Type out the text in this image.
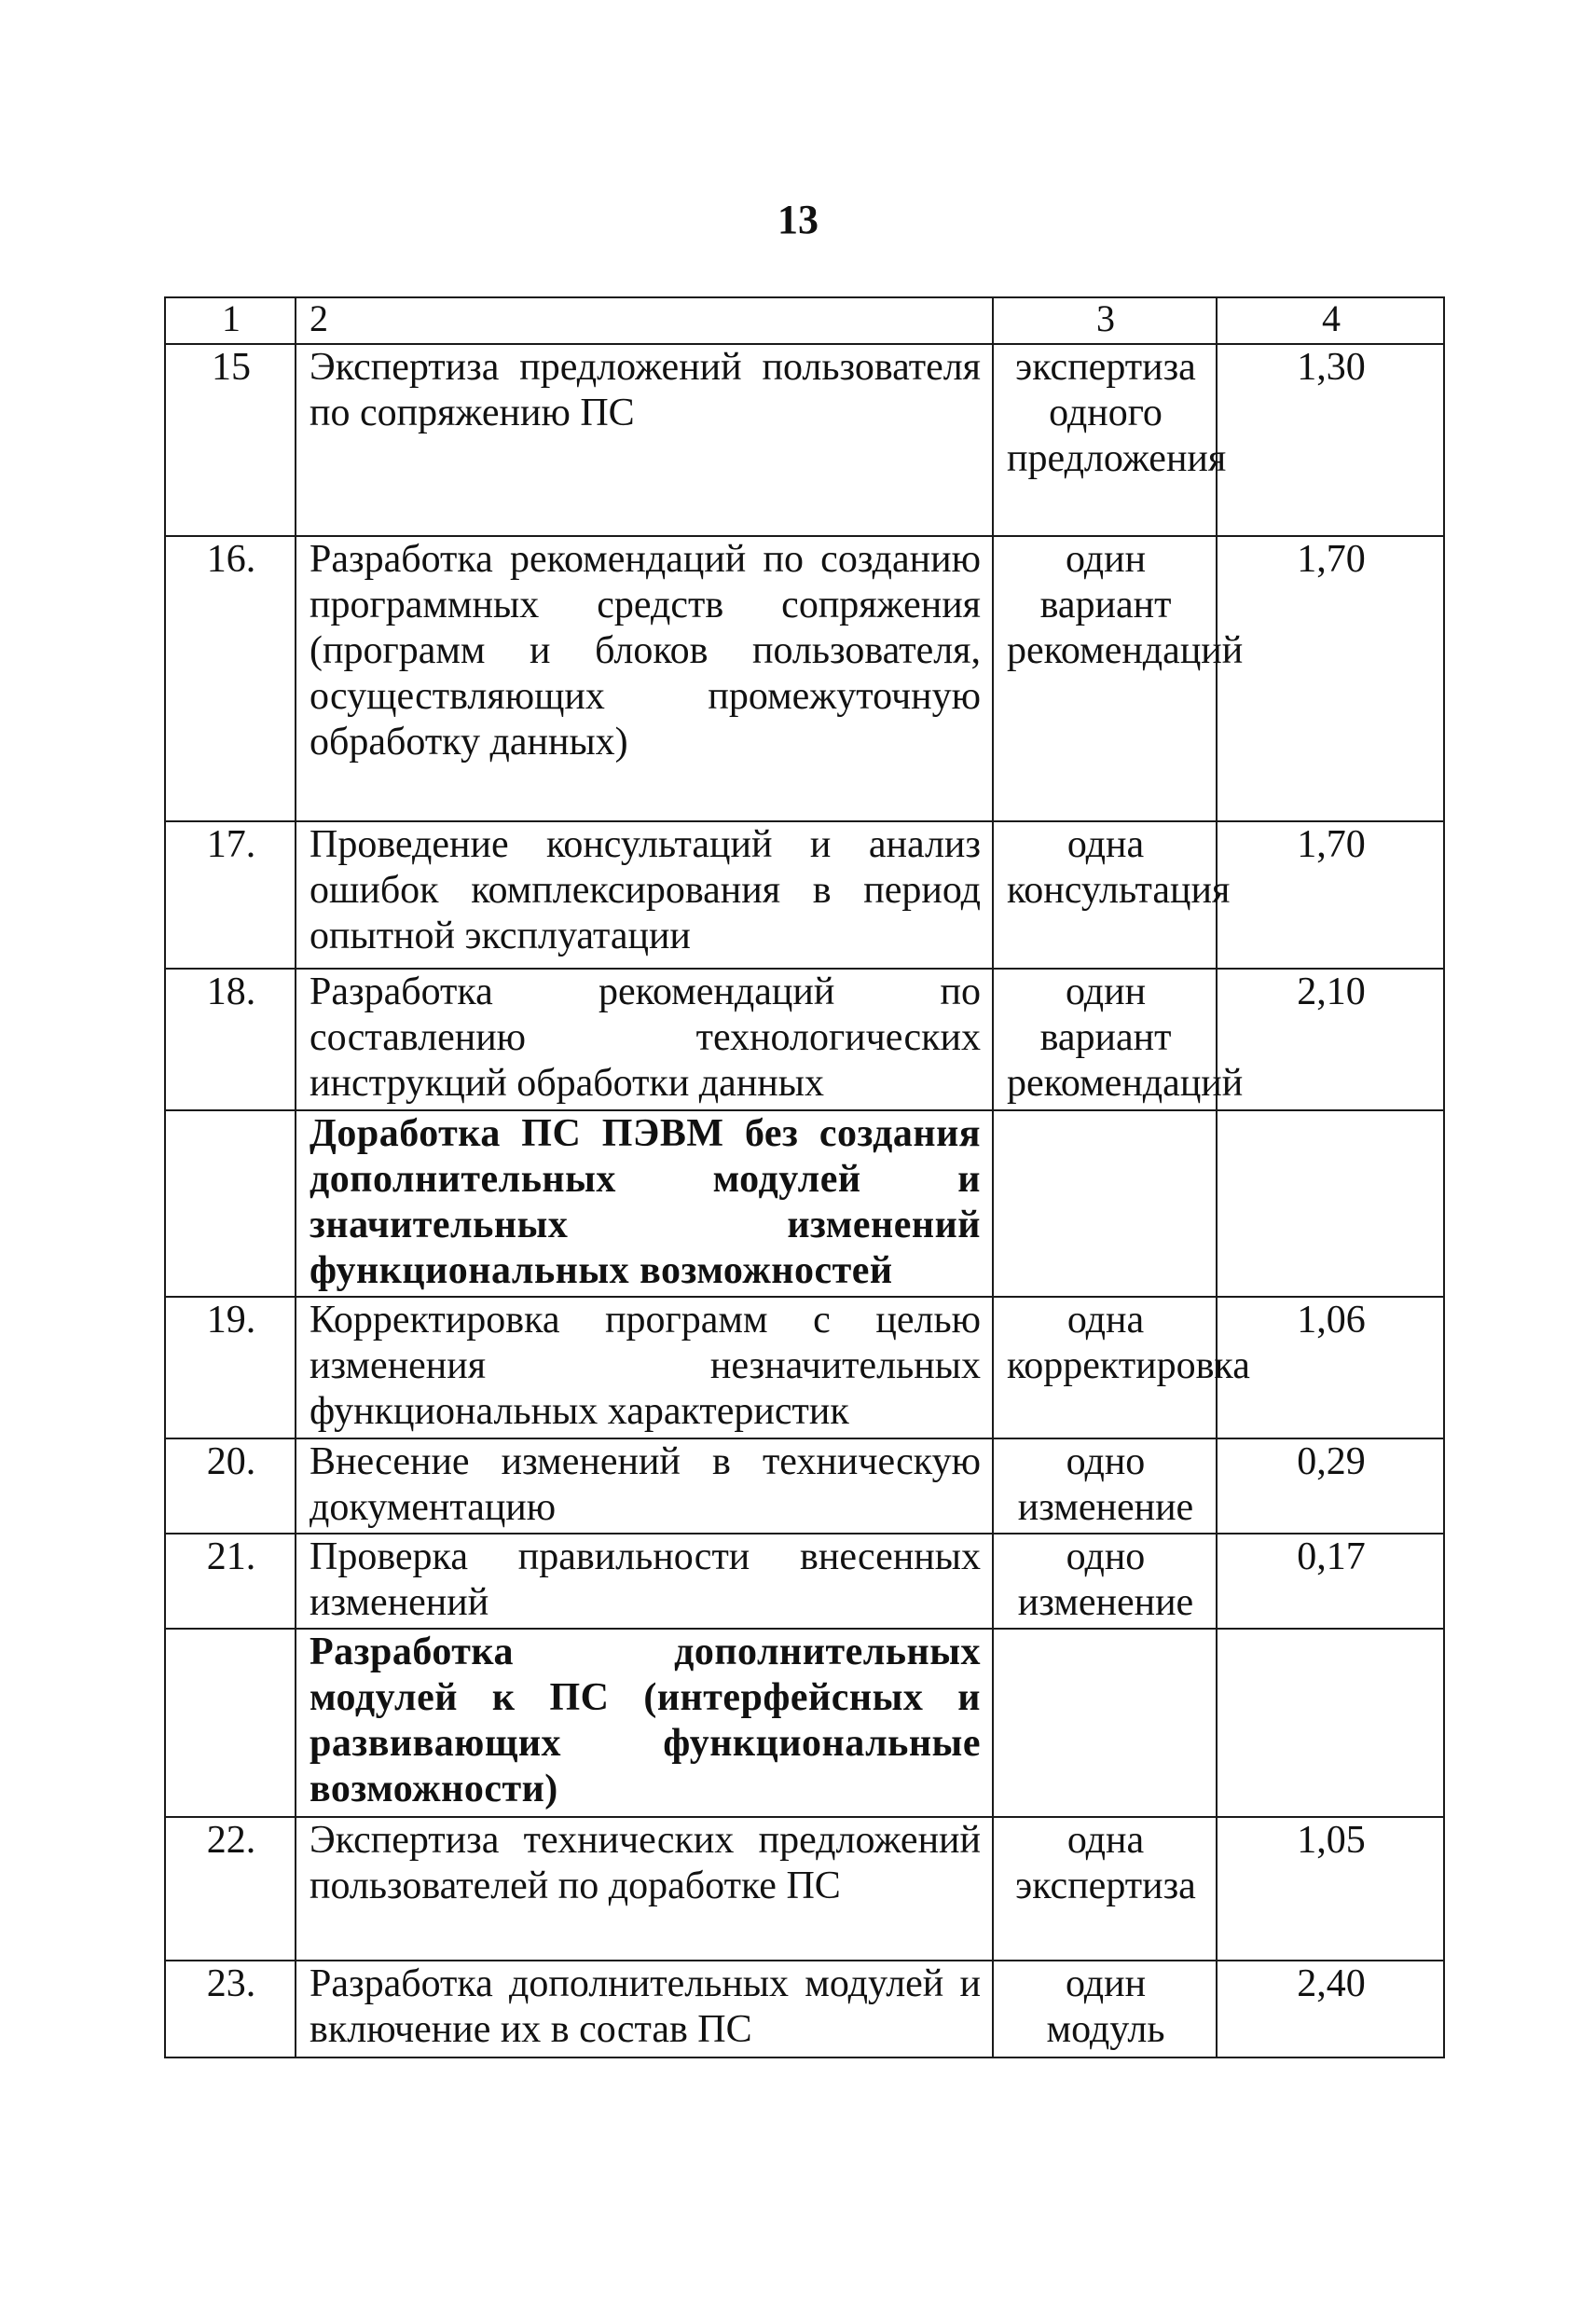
13
1	2	3	4
15	Экспертиза предложений пользователя по сопряжению ПС	экспертиза одного предложения	1,30
16.	Разработка рекомендаций по созданию программных средств сопряжения (программ и блоков пользователя, осуществляющих промежуточную обработку данных)	один вариант рекомендаций	1,70
17.	Проведение консультаций и анализ ошибок комплексирования в период опытной эксплуатации	одна консультация	1,70
18.	Разработка рекомендаций по составлению технологических инструкций обработки данных	один вариант рекомендаций	2,10
	Доработка ПС ПЭВМ без создания дополнительных модулей и значительных изменений функциональных возможностей		
19.	Корректировка программ с целью изменения незначительных функциональных характеристик	одна корректировка	1,06
20.	Внесение изменений в техническую документацию	одно изменение	0,29
21.	Проверка правильности внесенных изменений	одно изменение	0,17
	Разработка дополнительных модулей к ПС (интерфейсных и развивающих функциональные возможности)		
22.	Экспертиза технических предложений пользователей по доработке ПС	одна экспертиза	1,05
23.	Разработка дополнительных модулей и включение их в состав ПС	один модуль	2,40
